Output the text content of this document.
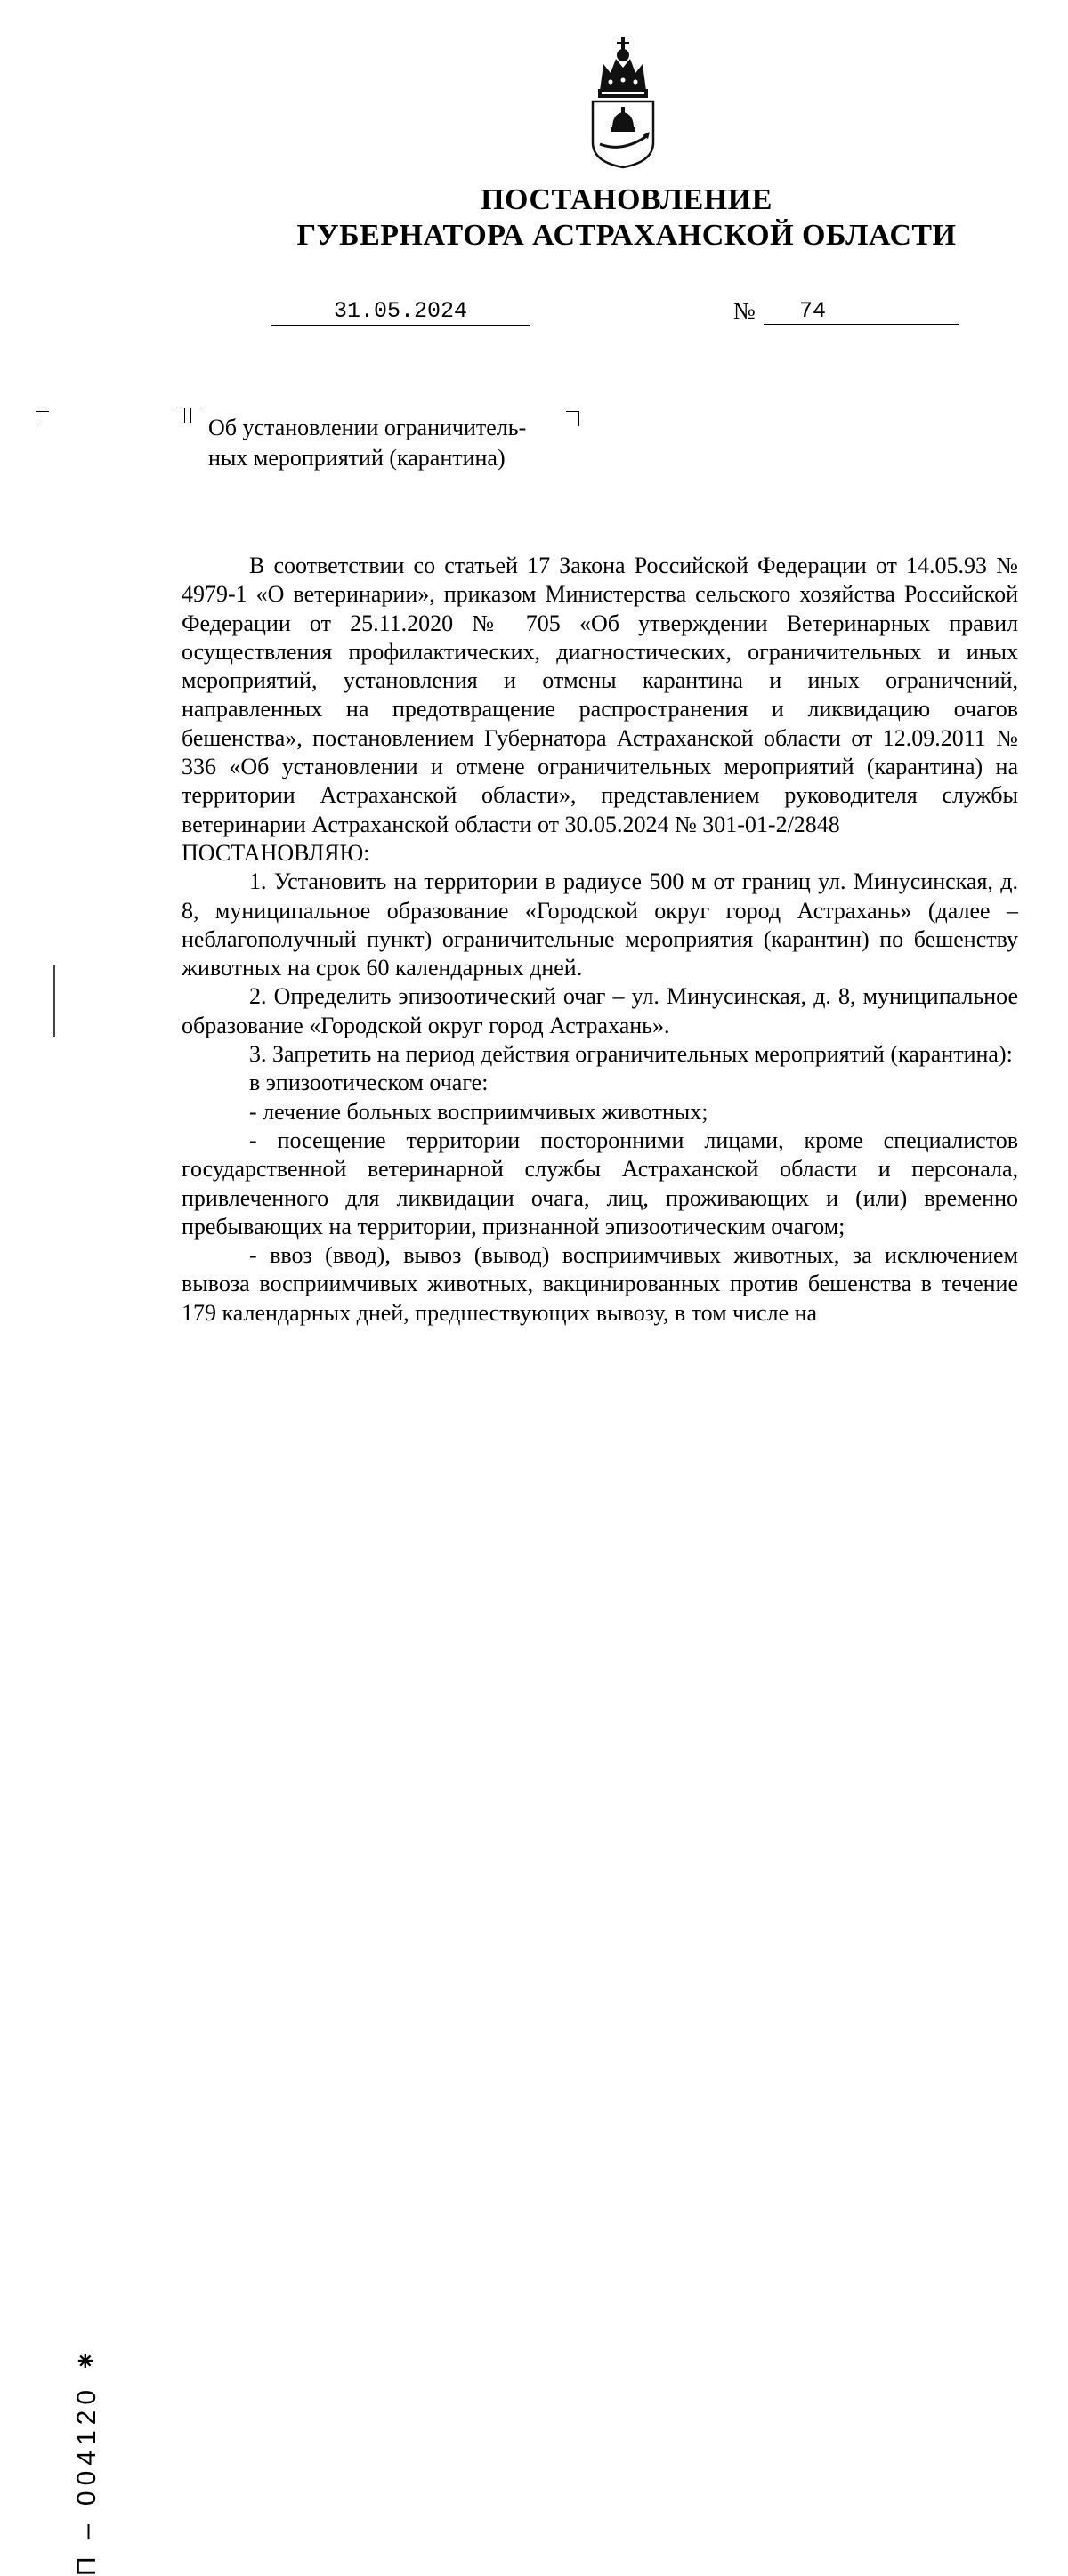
ПОСТАНОВЛЕНИЕ
ГУБЕРНАТОРА АСТРАХАНСКОЙ ОБЛАСТИ
31.05.2024	№	74
Об установлении ограничитель-
ных мероприятий (карантина)

В соответствии со статьей 17 Закона Российской Федерации от 14.05.93 № 4979-1 «О ветеринарии», приказом Министерства сельского хозяйства Российской Федерации от 25.11.2020 № 705 «Об утверждении Ветеринарных правил осуществления профилактических, диагностических, ограничительных и иных мероприятий, установления и отмены карантина и иных ограничений, направленных на предотвращение распространения и ликвидацию очагов бешенства», постановлением Губернатора Астраханской области от 12.09.2011 № 336 «Об установлении и отмене ограничительных мероприятий (карантина) на территории Астраханской области», представлением руководителя службы ветеринарии Астраханской области от 30.05.2024 № 301-01-2/2848

ПОСТАНОВЛЯЮ:

1. Установить на территории в радиусе 500 м от границ ул. Минусинская, д. 8, муниципальное образование «Городской округ город Астрахань» (далее – неблагополучный пункт) ограничительные мероприятия (карантин) по бешенству животных на срок 60 календарных дней.

2. Определить эпизоотический очаг – ул. Минусинская, д. 8, муниципальное образование «Городской округ город Астрахань».

3. Запретить на период действия ограничительных мероприятий (карантина):

в эпизоотическом очаге:

- лечение больных восприимчивых животных;

- посещение территории посторонними лицами, кроме специалистов государственной ветеринарной службы Астраханской области и персонала, привлеченного для ликвидации очага, лиц, проживающих и (или) временно пребывающих на территории, признанной эпизоотическим очагом;

- ввоз (ввод), вывоз (вывод) восприимчивых животных, за исключением вывоза восприимчивых животных, вакцинированных против бешенства в течение 179 календарных дней, предшествующих вывозу, в том числе на

П – 004120 ⁕
